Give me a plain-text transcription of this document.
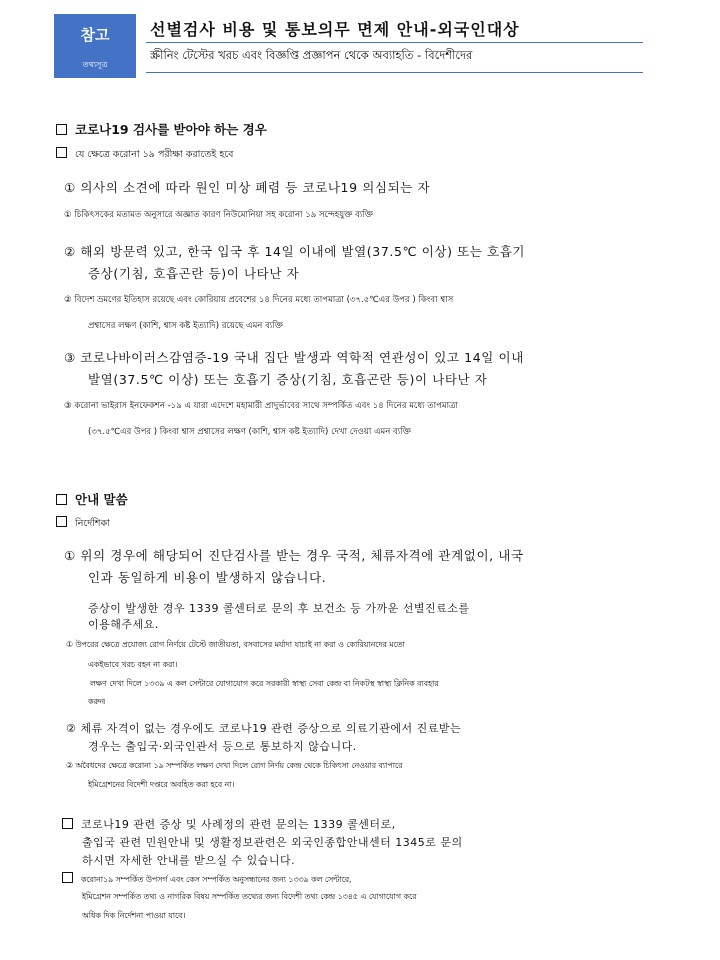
참고
তথ্যসূত্র
선별검사 비용 및 통보의무 면제 안내-외국인대상
স্ক্রীনিং টেস্টের খরচ এবং বিজ্ঞপ্তি প্রজ্ঞাপন থেকে অব্যাহতি - বিদেশীদের
코로나19 검사를 받아야 하는 경우
যে ক্ষেত্রে করোনা ১৯ পরীক্ষা করাতেই হবে
① 의사의 소견에 따라 원인 미상 폐렴 등 코로나19 의심되는 자
① চিকিৎসকের মতামত অনুসারে অজ্ঞাত কারণ নিউমোনিয়া সহ করোনা ১৯ সন্দেহযুক্ত ব্যক্তি
② 해외 방문력 있고, 한국 입국 후 14일 이내에 발열(37.5℃ 이상) 또는 호흡기
증상(기침, 호흡곤란 등)이 나타난 자
② বিদেশ ভ্রমণের ইতিহাস রয়েছে এবং কোরিয়ায় প্রবেশের ১৪ দিনের মধ্যে তাপমাত্রা (৩৭.৫℃এর উপর ) কিংবা শ্বাস
প্রশ্বাসের লক্ষণ (কাশি, শ্বাস কষ্ট ইত্যাদি) রয়েছে এমন ব্যক্তি
③ 코로나바이러스감염증-19 국내 집단 발생과 역학적 연관성이 있고 14일 이내
발열(37.5℃ 이상) 또는 호흡기 증상(기침, 호흡곤란 등)이 나타난 자
③ করোনা ভাইরাস ইনফেকশন -১৯ এ যারা এদেশে মহামারী প্রাদুর্ভাবের সাথে সম্পর্কিত এবং ১৪ দিনের মধ্যে তাপমাত্রা
(৩৭.৫℃এর উপর ) কিংবা শ্বাস প্রশ্বাসের লক্ষণ (কাশি, শ্বাস কষ্ট ইত্যাদি) দেখা দেওয়া এমন ব্যক্তি
안내 말씀
নির্দেশিকা
① 위의 경우에 해당되어 진단검사를 받는 경우 국적, 체류자격에 관계없이, 내국
인과 동일하게 비용이 발생하지 않습니다.
증상이 발생한 경우 1339 콜센터로 문의 후 보건소 등 가까운 선별진료소를
이용해주세요.
① উপরের ক্ষেত্রে প্রযোজ্য রোগ নির্ণয়ে টেস্টে জাতীয়তা, বসবাসের মর্যাদা যাচাই না করা ও কোরিয়ানদের মতো
একইভাবে খরচ বহন না করা।
লক্ষণ দেখা দিলে ১৩৩৯ এ কল সেন্টারে যোগাযোগ করে সরকারী স্বাস্থ্য সেবা কেন্দ্র বা নিকটস্থ স্বাস্থ্য ক্লিনিক ব্যবহার
করুন৷
② 체류 자격이 없는 경우에도 코로나19 관련 증상으로 의료기관에서 진료받는
경우는 출입국·외국인관서 등으로 통보하지 않습니다.
② অবৈধদের ক্ষেত্রে করোনা ১৯ সম্পর্কিত লক্ষণ দেখা দিলে রোগ নির্ণয় কেন্দ্র থেকে চিকিৎসা নেওয়ার ব্যাপারে
ইমিগ্রেশনের বিদেশী দপ্তরে অবহিত করা হবে না।
코로나19 관련 증상 및 사례정의 관련 문의는 1339 콜센터로,
출입국 관련 민원안내 및 생활정보관련은 외국인종합안내센터 1345로 문의
하시면 자세한 안내를 받으실 수 있습니다.
করোনা১৯ সম্পর্কিত উপসর্গ এবং কেস সম্পর্কিত অনুসন্ধানের জন্য ১৩৩৯ কল সেন্টারে,
ইমিগ্রেশন সম্পর্কিত তথ্য ও নাগরিক বিষয় সম্পর্কিত তথ্যের জন্য বিদেশী তথ্য কেন্দ্র ১৩৪৫ এ যোগাযোগ করে
অধিক দিক নির্দেশনা পাওয়া যাবে।
